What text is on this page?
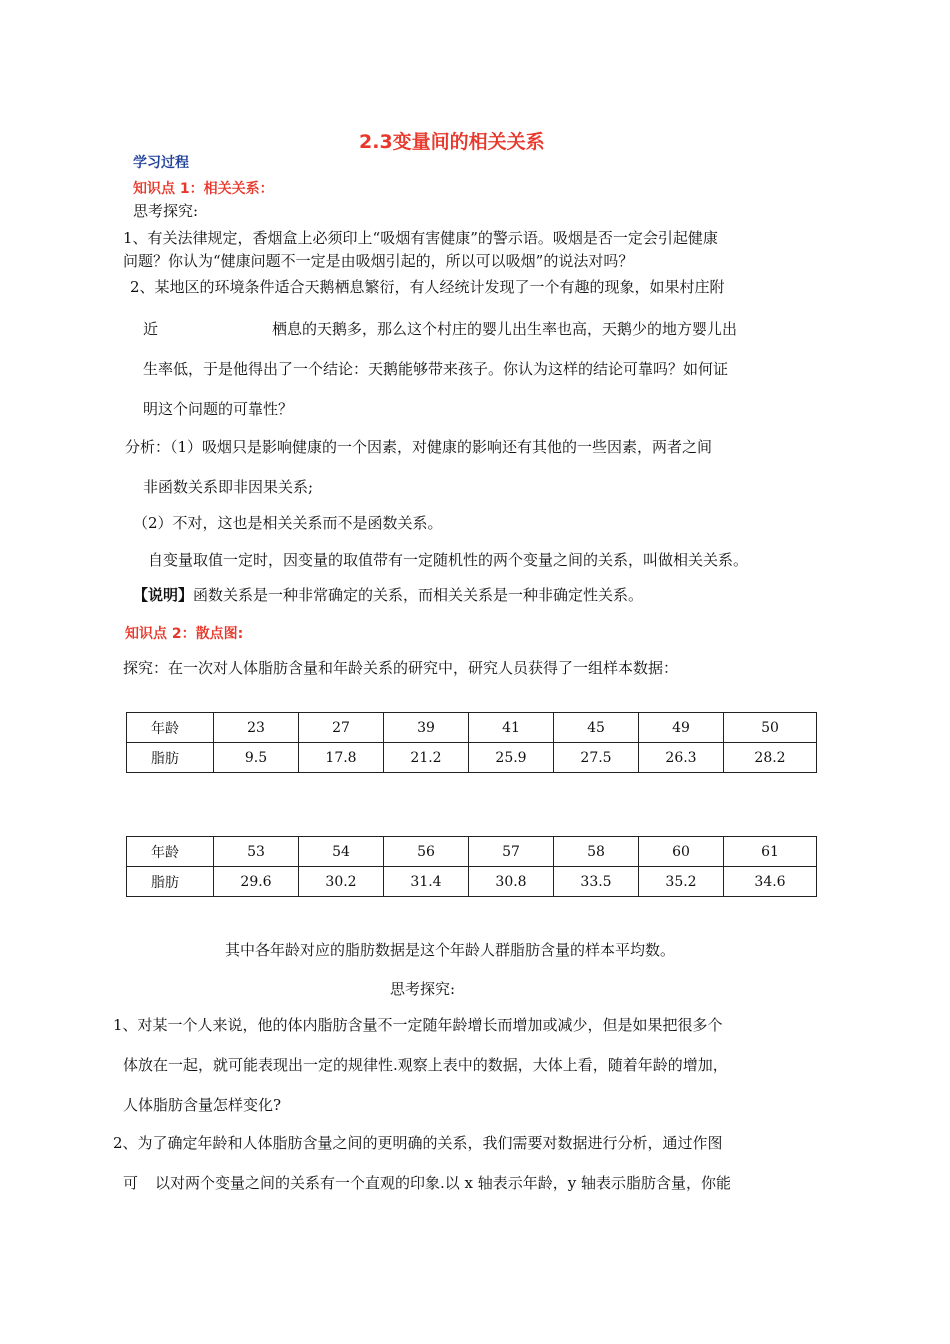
2.3变量间的相关关系
学习过程
知识点 1：相关关系：
思考探究:
1、有关法律规定，香烟盒上必须印上“吸烟有害健康”的警示语。吸烟是否一定会引起健康
问题？你认为“健康问题不一定是由吸烟引起的，所以可以吸烟”的说法对吗？
2、某地区的环境条件适合天鹅栖息繁衍，有人经统计发现了一个有趣的现象，如果村庄附
近	栖息的天鹅多，那么这个村庄的婴儿出生率也高，天鹅少的地方婴儿出
生率低，于是他得出了一个结论：天鹅能够带来孩子。你认为这样的结论可靠吗？如何证
明这个问题的可靠性？
分析：（1）吸烟只是影响健康的一个因素，对健康的影响还有其他的一些因素，两者之间
非函数关系即非因果关系;
（2）不对，这也是相关关系而不是函数关系。
自变量取值一定时，因变量的取值带有一定随机性的两个变量之间的关系，叫做相关关系。
【说明】函数关系是一种非常确定的关系，而相关关系是一种非确定性关系。
知识点 2：散点图:
探究：在一次对人体脂肪含量和年龄关系的研究中，研究人员获得了一组样本数据：
年龄	23	27	39	41	45	49	50
脂肪	9.5	17.8	21.2	25.9	27.5	26.3	28.2
年龄	53	54	56	57	58	60	61
脂肪	29.6	30.2	31.4	30.8	33.5	35.2	34.6
其中各年龄对应的脂肪数据是这个年龄人群脂肪含量的样本平均数。
思考探究:
1、对某一个人来说，他的体内脂肪含量不一定随年龄增长而增加或减少，但是如果把很多个
体放在一起，就可能表现出一定的规律性.观察上表中的数据，大体上看，随着年龄的增加，
人体脂肪含量怎样变化?
2、为了确定年龄和人体脂肪含量之间的更明确的关系，我们需要对数据进行分析，通过作图
可 以对两个变量之间的关系有一个直观的印象.以 x 轴表示年龄，y 轴表示脂肪含量，你能
